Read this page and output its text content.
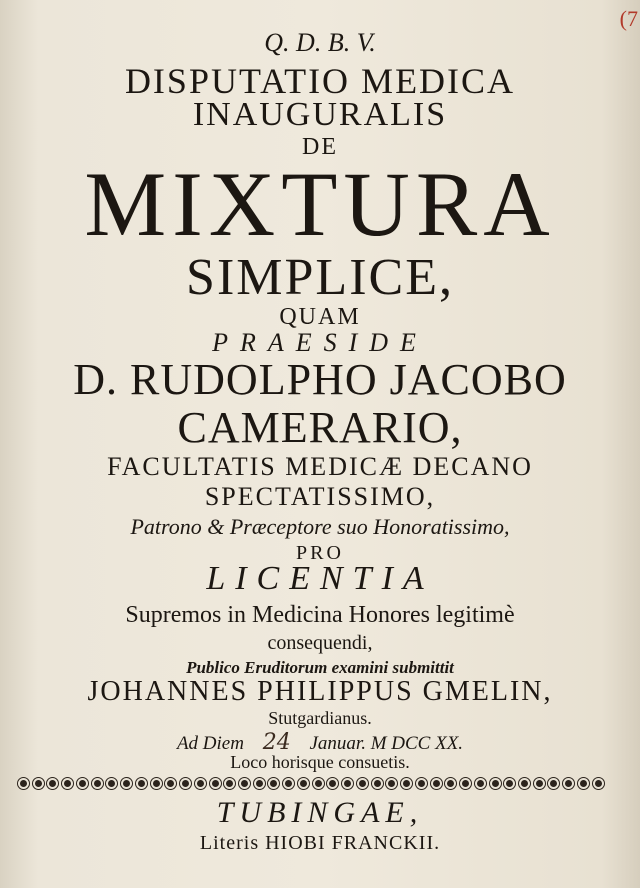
(7
Q. D. B. V.
DISPUTATIO MEDICA
INAUGURALIS
DE
MIXTURA
SIMPLICE,
QUAM
PRAESIDE
D. RUDOLPHO JACOBO
CAMERARIO,
FACULTATIS MEDICÆ DECANO
SPECTATISSIMO,
Patrono & Præceptore suo Honoratissimo,
PRO
LICENTIA
Supremos in Medicina Honores legitimè
consequendi,
Publico Eruditorum examini submittit
JOHANNES PHILIPPUS GMELIN,
Stutgardianus.
Ad Diem 24 Januar. M DCC XX.
Loco horisque consuetis.
TUBINGAE,
Literis HIOBI FRANCKII.
